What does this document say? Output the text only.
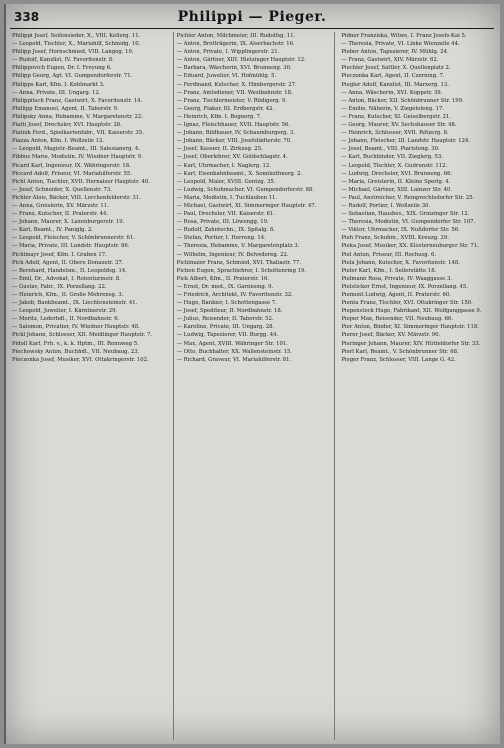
338	Philippi — Pieger.

Philippi Josef, Seifensieder, X., VIII. Kellerg. 11.

— Leopold, Tischler, X., Mariahilf, Schmidg. 10.

Philipp Josef, Hornschmied, VIII. Langeg. 19.

— Rudolf, Kanzlist, IV. Favoritenstr. 8.

Philippovich Eugen, Dr. I. Freyung 6.

Philipp Georg, Agt. VI. Gumpendorferstr. 71.

Philipps Karl, Kfm. I. Kohlmarkt 3.

— Anna, Private, III. Ungarg. 12.

Philippitsch Franz, Gastwirt, X. Favoritenstr. 14.

Phillipp Emanuel, Agent, II. Taborstr. 9.

Philipsky Anna, Hebamme, V. Margaretenstr. 22.

Piatti Josef, Drechsler, XVI. Hauptstr. 28.

Piatnik Ferd., Spielkartenfabr., VII. Kaiserstr. 35.

Piazza Anton, Kfm. I. Wollzeile 12.

— Leopold, Magistr.-Beamt., III. Salesianerg. 4.

Pibbus Marie, Modistin, IV. Wiedner Hauptstr. 9.

Picard Karl, Ingenieur, IX. Währingerstr. 18.

Piccard Adolf, Friseur, VI. Mariahilferstr. 55.

Pichl Anton, Tischler, XVII. Hernalser Hauptstr. 40.

— Josef, Schneider, X. Quellenstr. 73.

Pichler Alois, Bäcker, VIII. Lerchenfelderstr. 31.

— Anna, Greislerin, XV. Märzstr. 11.

— Franz, Kutscher, II. Praterstr. 44.

— Johann, Maurer, X. Laxenburgerstr. 19.

— Karl, Beamt., IV. Paniglg. 2.

— Leopold, Fleischer, V. Schönbrunnerstr. 61.

— Maria, Private, III. Landstr. Hauptstr. 86.

Pichlmayr Josef, Kfm. I. Graben 17.

Pick Adolf, Agent, II. Obere Donaustr. 37.

— Bernhard, Handelsm., II. Leopoldsg. 14.

— Emil, Dr., Advokat, I. Rotenturmstr. 8.

— Gustav, Fabr., IX. Porzellang. 22.

— Heinrich, Kfm., II. Große Mohrensg. 3.

— Jakob, Bankbeamt., IX. Liechtensteinstr. 41.

— Leopold, Juwelier, I. Kärntnerstr. 29.

— Moritz, Lederhdl., II. Nordbahnstr. 6.

— Salomon, Privatier, IV. Wiedner Hauptstr. 48.

Pickl Johann, Schlosser, XII. Meidlinger Hauptstr. 7.

Pidoll Karl, Frh. v., k. k. Hptm., III. Rennweg 5.

Piechowsky Anton, Buchhdl., VII. Neubaug. 23.

Pieczonka Josef, Musiker, XVI. Ottakringerstr. 102.

Pichler Anton, Milchmeier, III. Rudolfsg. 11.

— Anton, Brotträgerin, IX. Alserbachstr. 16.

— Anton, Private, I. Wipplingerstr. 21.

— Anton, Gärtner, XIII. Hietzinger Hauptstr. 12.

— Barbara, Wäscherin, XVI. Brunneng. 30.

— Eduard, Juwelier, VI. Hofmühlg. 5.

— Ferdinand, Kutscher, X. Himbergerstr. 27.

— Franz, Amtsdiener, VII. Westbahnstr. 18.

— Franz, Tischlermeister, V. Rüdigerg. 9.

— Georg, Fiaker, III. Erdbergstr. 42.

— Heinrich, Kfm. I. Bognerg. 7.

— Ignaz, Fleischhauer, XVII. Hauptstr. 56.

— Johann, Bildhauer, IV. Schaumburgerg. 3.

— Johann, Bäcker, VIII. Josefstädterstr. 70.

— Josef, Kassier, II. Zirkusg. 25.

— Josef, Oberlehrer, XV. Goldschlagstr. 4.

— Karl, Uhrmacher, I. Naglerg. 12.

— Karl, Eisenbahnbeamt., X. Sonnleithnerg. 2.

— Leopold, Maler, XVIII. Gentzg. 35.

— Ludwig, Schuhmacher, VI. Gumpendorferstr. 88.

— Maria, Modistin, I. Tuchlauben 11.

— Michael, Gastwirt, XI. Simmeringer Hauptstr. 47.

— Paul, Drechsler, VII. Kaiserstr. 61.

— Rosa, Private, III. Löwengg. 19.

— Rudolf, Zahntechn., IX. Spitalg. 8.

— Stefan, Portier, I. Herreng. 14.

— Theresia, Hebamme, V. Margaretenplatz 3.

— Wilhelm, Ingenieur, IV. Belvedereg. 22.

Pichlmaier Franz, Schmied, XVI. Thaliastr. 77.

Pichon Eugen, Sprachlehrer, I. Schottenring 19.

Pick Albert, Kfm., II. Praterstr. 16.

— Ernst, Dr. med., IX. Garnisong. 9.

— Friedrich, Architekt, IV. Favoritenstr. 32.

— Hugo, Bankier, I. Schottengasse 7.

— Josef, Spediteur, II. Nordbahnstr. 18.

— Julius, Reisender, II. Taborstr. 52.

— Karoline, Private, III. Ungarg. 28.

— Ludwig, Tapezierer, VII. Burgg. 44.

— Max, Agent, XVIII. Währinger Str. 101.

— Otto, Buchhalter, XX. Wallensteinstr. 15.

— Richard, Graveur, VI. Mariahilferstr. 81.

Pidner Franziska, Witwe, I. Franz Josefs-Kai 5.

— Theresia, Private, VI. Linke Wienzeile 44.

Pieber Anton, Tapezierer, IV. Mühlg. 24.

— Franz, Gastwirt, XIV. Märzstr. 62.

Piechler Josef, Sattler, X. Quellenplatz 2.

Pieczonka Karl, Agent, II. Czerning. 7.

Piegler Adolf, Kanzlist, III. Marxerg. 13.

— Anna, Wäscherin, XVI. Koppstr. 39.

— Anton, Bäcker, XII. Schönbrunner Str. 199.

— Emilie, Näherin, V. Ziegelofeng. 17.

— Franz, Kutscher, XI. Geiselbergstr. 21.

— Georg, Maurer, XV. Sechshauser Str. 48.

— Heinrich, Schlosser, XVII. Rötzerg. 8.

— Johann, Fleischer, III. Landstr. Hauptstr. 124.

— Josef, Beamt., VIII. Piaristeng. 30.

— Karl, Buchbinder, VII. Zieglerg. 53.

— Leopold, Tischler, X. Gudrunstr. 112.

— Ludwig, Drechsler, XVI. Brunneng. 66.

— Maria, Greislerin, II. Kleine Sperlg. 4.

— Michael, Gärtner, XIII. Lainzer Str. 40.

— Paul, Anstreicher, V. Reinprechtsdorfer Str. 25.

— Rudolf, Portier, I. Wollzeile 30.

— Sebastian, Hausbes., XIX. Grinzinger Str. 12.

— Theresia, Modistin, VI. Gumpendorfer Str. 107.

— Viktor, Uhrmacher, IX. Nußdorfer Str. 56.

Pieh Franz, Schuhm., XVIII. Kreuzg. 29.

Pieka Josef, Musiker, XX. Klosterneuburger Str. 71.

Piel Anton, Friseur, III. Rochusg. 6.

Piela Johann, Kutscher, X. Favoritenstr. 148.

Pieler Karl, Kfm., I. Seilerstätte 18.

Pielmann Rosa, Private, IV. Waaggasse 3.

Pielsticker Ernst, Ingenieur, IX. Porzellang. 45.

Piemont Ludwig, Agent, II. Praterstr. 60.

Pienta Franz, Tischler, XVI. Ottakringer Str. 150.

Piepenstock Hugo, Fabrikant, XII. Wolfganggasse 9.

Pieper Max, Reisender, VII. Neubaug. 66.

Pier Anton, Binder, XI. Simmeringer Hauptstr. 118.

Pierer Josef, Bäcker, XV. Märzstr. 90.

Pieringer Johann, Maurer, XIV. Hütteldorfer Str. 33.

Pierl Karl, Beamt., V. Schönbrunner Str. 68.

Pieger Franz, Schlosser, VIII. Lange G. 42.
